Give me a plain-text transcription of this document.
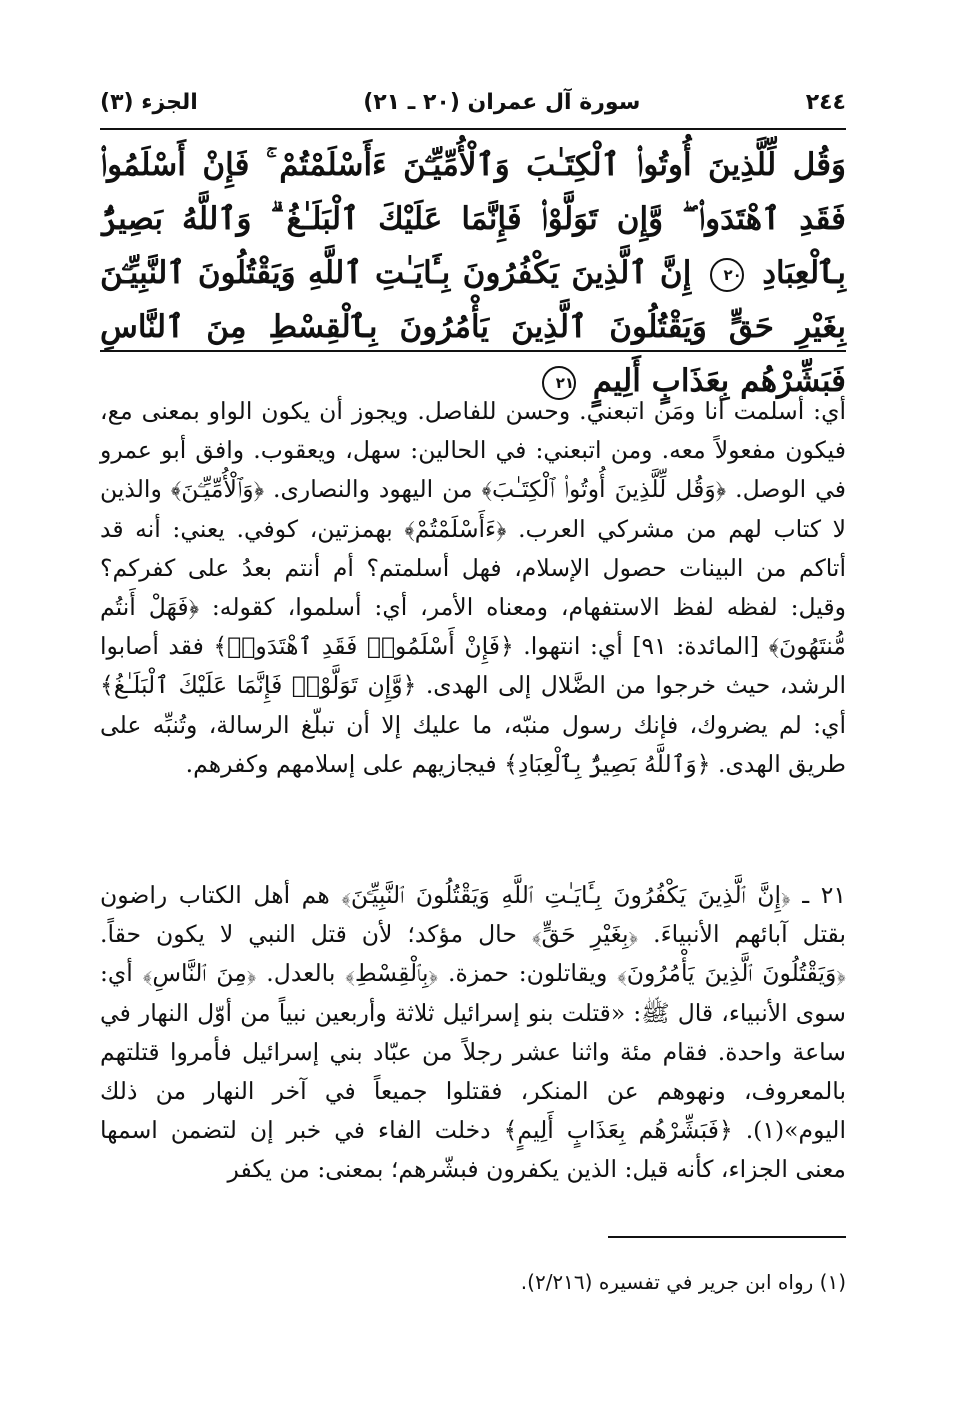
٢٤٤
سورة آل عمران (٢٠ ـ ٢١)
الجزء (٣)
وَقُل لِّلَّذِينَ أُوتُوا۟ ٱلْكِتَـٰبَ وَٱلْأُمِّيِّـۧنَ ءَأَسْلَمْتُمْ ۚ فَإِنْ أَسْلَمُوا۟ فَقَدِ ٱهْتَدَوا۟ ۖ وَّإِن تَوَلَّوْا۟ فَإِنَّمَا عَلَيْكَ ٱلْبَلَـٰغُ ۗ وَٱللَّهُ بَصِيرٌۢ بِٱلْعِبَادِ ٢٠ إِنَّ ٱلَّذِينَ يَكْفُرُونَ بِـَٔايَـٰتِ ٱللَّهِ وَيَقْتُلُونَ ٱلنَّبِيِّـۧنَ بِغَيْرِ حَقٍّ وَيَقْتُلُونَ ٱلَّذِينَ يَأْمُرُونَ بِٱلْقِسْطِ مِنَ ٱلنَّاسِ فَبَشِّرْهُم بِعَذَابٍ أَلِيمٍ ٢١

أي: أسلمت أنا ومَن اتبعني. وحسن للفاصل. ويجوز أن يكون الواو بمعنى مع، فيكون مفعولاً معه. ومن اتبعني: في الحالين: سهل، ويعقوب. وافق أبو عمرو في الوصل. ﴿وَقُل لِّلَّذِينَ أُوتُوا۟ ٱلْكِتَـٰبَ﴾ من اليهود والنصارى. ﴿وَٱلْأُمِّيِّـۧنَ﴾ والذين لا كتاب لهم من مشركي العرب. ﴿ءَأَسْلَمْتُمْ﴾ بهمزتين، كوفي. يعني: أنه قد أتاكم من البينات حصول الإسلام، فهل أسلمتم؟ أم أنتم بعدُ على كفركم؟ وقيل: لفظه لفظ الاستفهام، ومعناه الأمر، أي: أسلموا، كقوله: ﴿فَهَلْ أَنتُم مُّنتَهُونَ﴾ [المائدة: ٩١] أي: انتهوا. ﴿فَإِنْ أَسْلَمُوا۟ فَقَدِ ٱهْتَدَوا۟﴾ فقد أصابوا الرشد، حيث خرجوا من الضَّلال إلى الهدى. ﴿وَّإِن تَوَلَّوْا۟ فَإِنَّمَا عَلَيْكَ ٱلْبَلَـٰغُ﴾ أي: لم يضروك، فإنك رسول منبّه، ما عليك إلا أن تبلّغ الرسالة، وتُنبِّه على طريق الهدى. ﴿وَٱللَّهُ بَصِيرٌۢ بِٱلْعِبَادِ﴾ فيجازيهم على إسلامهم وكفرهم.

٢١ ـ ﴿إِنَّ ٱلَّذِينَ يَكْفُرُونَ بِـَٔايَـٰتِ ٱللَّهِ وَيَقْتُلُونَ ٱلنَّبِيِّـۧنَ﴾ هم أهل الكتاب راضون بقتل آبائهم الأنبياءَ. ﴿بِغَيْرِ حَقٍّ﴾ حال مؤكد؛ لأن قتل النبي لا يكون حقاً. ﴿وَيَقْتُلُونَ ٱلَّذِينَ يَأْمُرُونَ﴾ ويقاتلون: حمزة. ﴿بِٱلْقِسْطِ﴾ بالعدل. ﴿مِنَ ٱلنَّاسِ﴾ أي: سوى الأنبياء، قال ﷺ: «قتلت بنو إسرائيل ثلاثة وأربعين نبياً من أوّل النهار في ساعة واحدة. فقام مئة واثنا عشر رجلاً من عبّاد بني إسرائيل فأمروا قتلتهم بالمعروف، ونهوهم عن المنكر، فقتلوا جميعاً في آخر النهار من ذلك اليوم»(١). ﴿فَبَشِّرْهُم بِعَذَابٍ أَلِيمٍ﴾ دخلت الفاء في خبر إن لتضمن اسمها معنى الجزاء، كأنه قيل: الذين يكفرون فبشّرهم؛ بمعنى: من يكفر

(١) رواه ابن جرير في تفسيره (٢/٢١٦).
